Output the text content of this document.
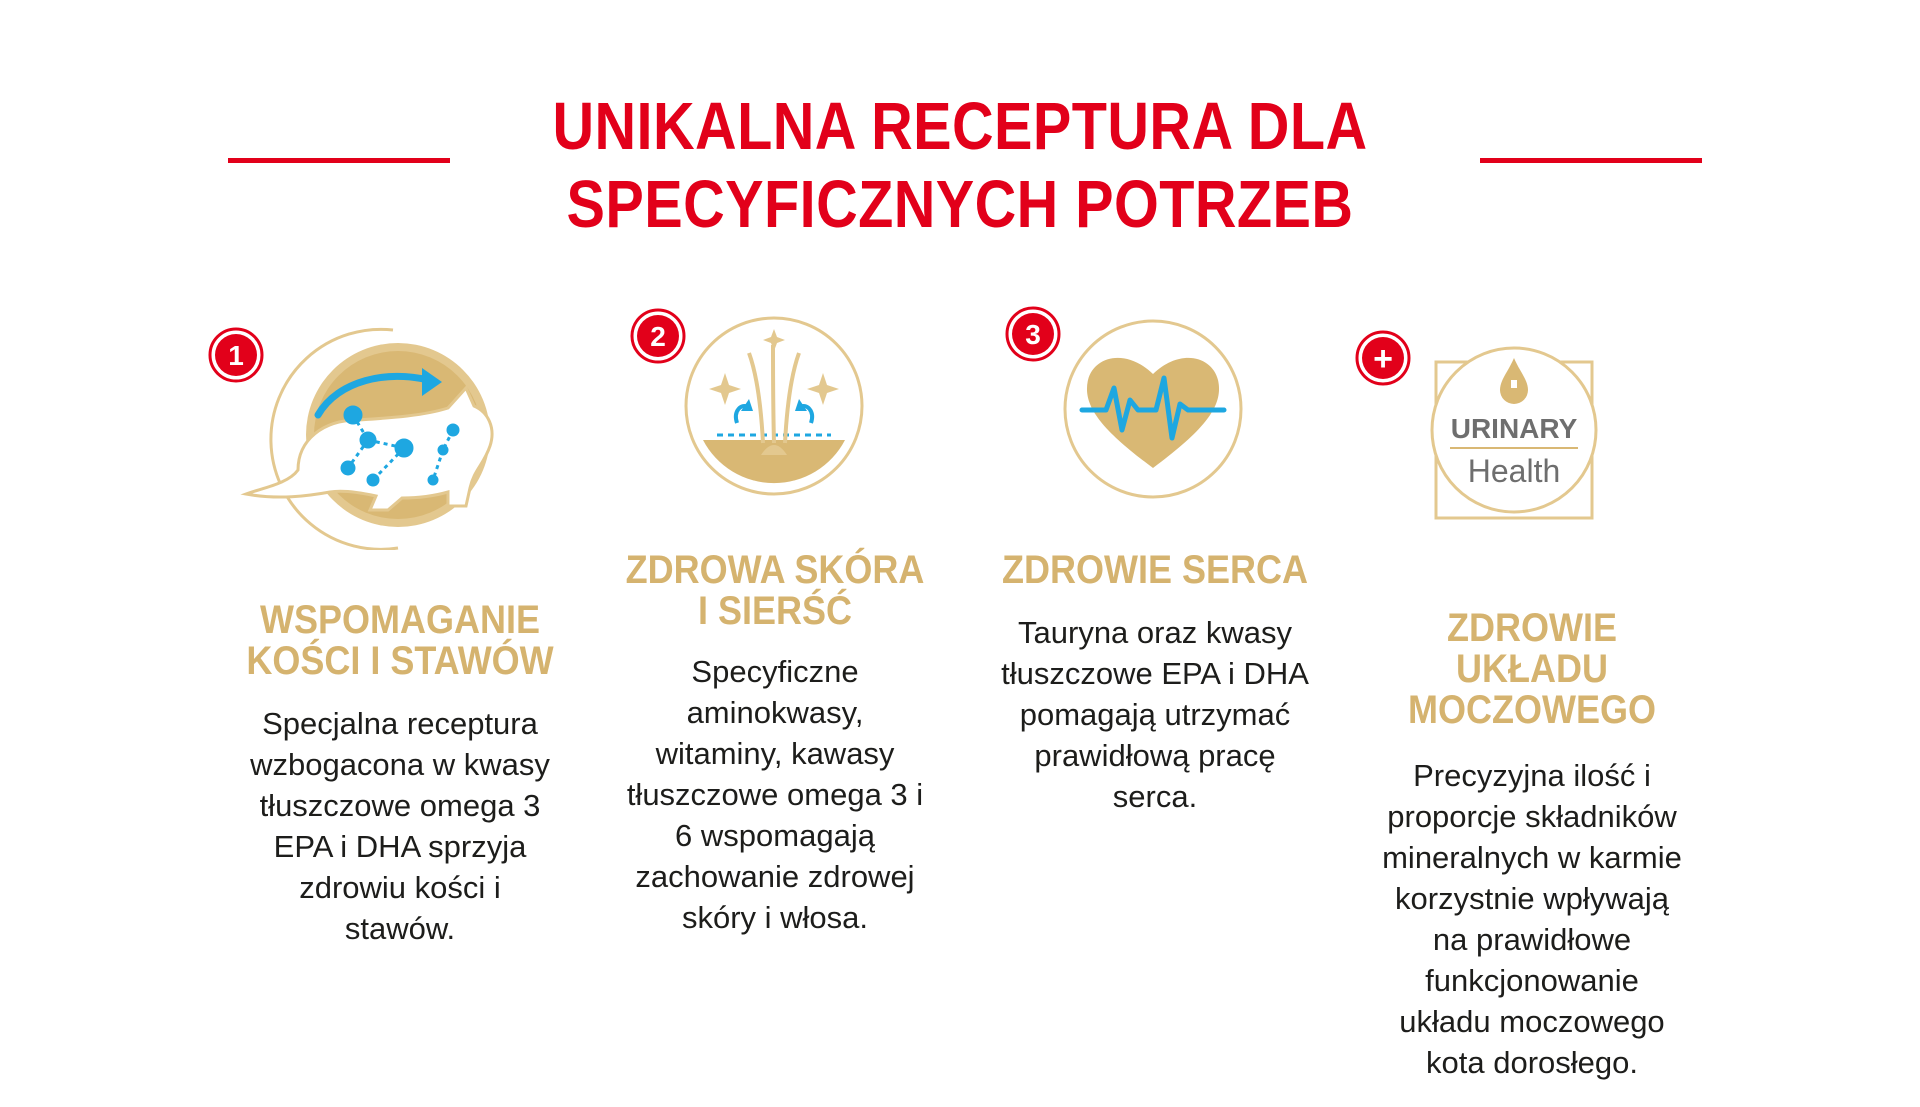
UNIKALNA RECEPTURA DLA
SPECYFICZNYCH POTRZEB
1
WSPOMAGANIE
KOŚCI I STAWÓW
Specjalna receptura
wzbogacona w kwasy
tłuszczowe omega 3
EPA i DHA sprzyja
zdrowiu kości i
stawów.
2
ZDROWA SKÓRA
I SIERŚĆ
Specyficzne
aminokwasy,
witaminy, kawasy
tłuszczowe omega 3 i
6 wspomagają
zachowanie zdrowej
skóry i włosa.
3
ZDROWIE SERCA
Tauryna oraz kwasy
tłuszczowe EPA i DHA
pomagają utrzymać
prawidłową pracę
serca.
URINARY
Health
+
ZDROWIE
UKŁADU
MOCZOWEGO
Precyzyjna ilość i
proporcje składników
mineralnych w karmie
korzystnie wpływają
na prawidłowe
funkcjonowanie
układu moczowego
kota dorosłego.
